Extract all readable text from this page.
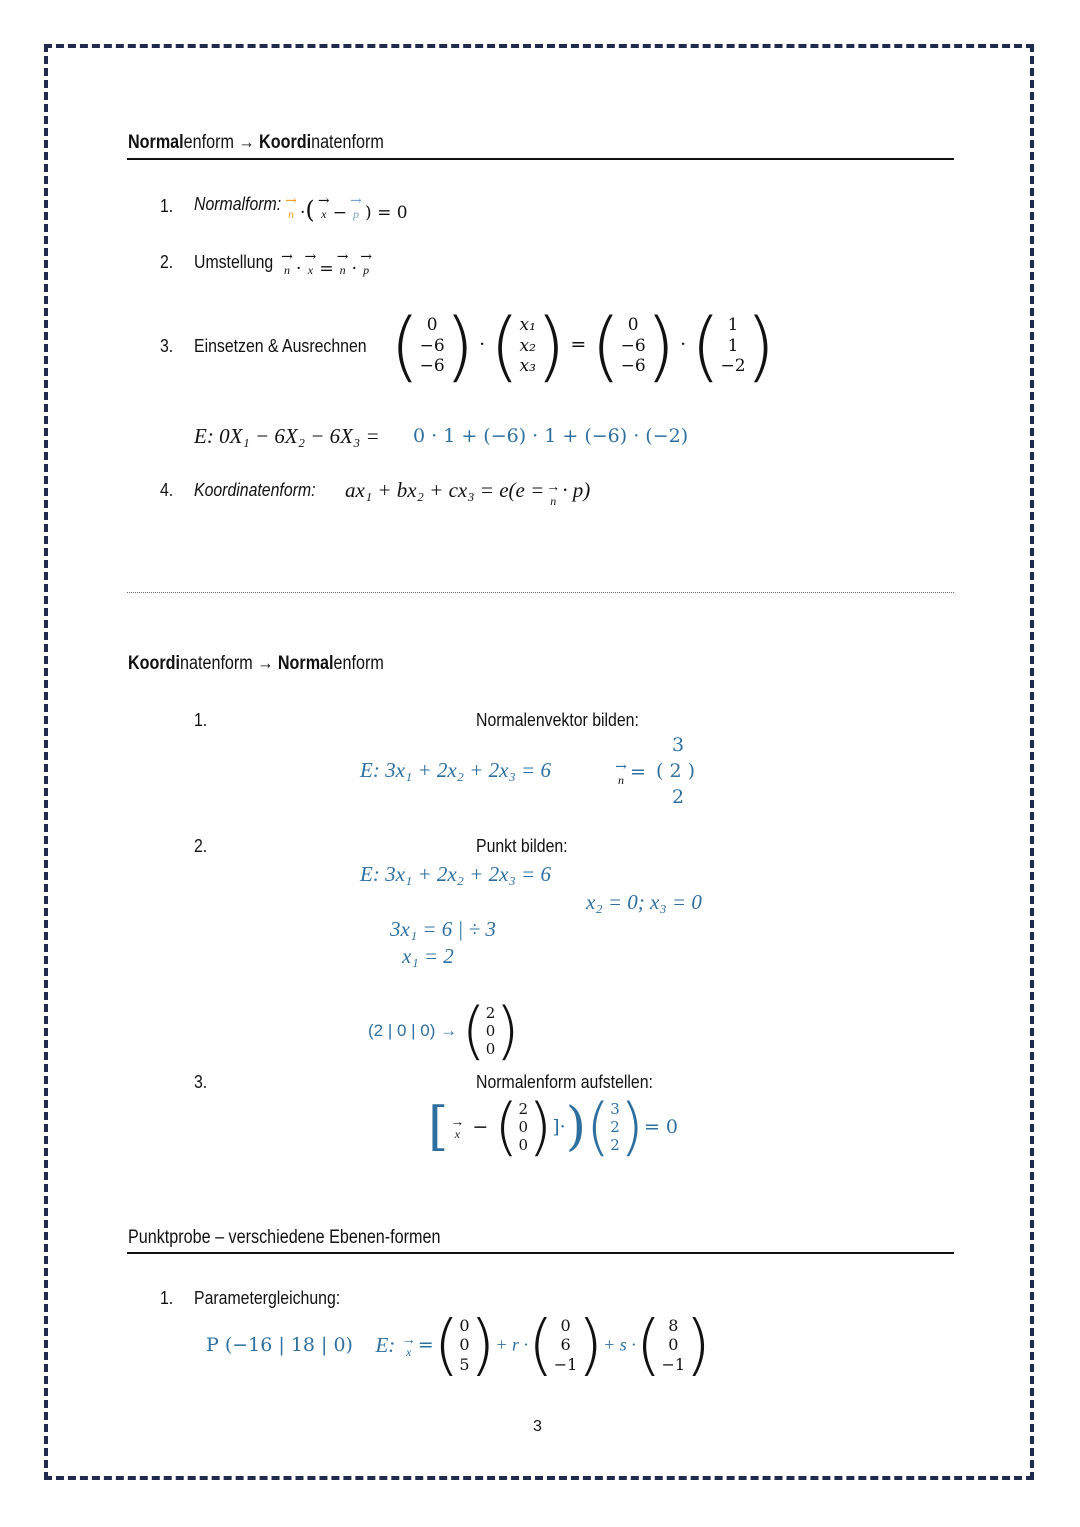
Normalenform → Koordinatenform
1. Normalform: →
n ·( →
x −
→
p ) = 0
2. Umstellung →
n ·
→
x =
→
n ·
→
p
3. Einsetzen & Ausrechnen ( 0
−6
−6 ) · ( x₁
x₂
x₃ ) = ( 0
−6
−6 ) · ( 1
1
−2 )
E: 0X₁ − 6X₂ − 6X₃ = 0 · 1 + (−6) · 1 + (−6) · (−2)
4. Koordinatenform: ax₁ + bx₂ + cx₃ = e(e = →
n · p)
Koordinatenform → Normalenform
1.	Normalenvektor bilden:
E: 3x₁ + 2x₂ + 2x₃ = 6	→
n =
3
( 2 )
2
2.	Punkt bilden:
E: 3x₁ + 2x₂ + 2x₃ = 6
x₂ = 0; x₃ = 0
3x₁ = 6 | ÷ 3
x₁ = 2
(2 | 0 | 0) → ( 2
0
0 )
3.	Normalenform aufstellen:
[ →
x − ( 2
0
0 ) ]·) ( 3
2
2 ) = 0
Punktprobe – verschiedene Ebenen-formen
1. Parametergleichung:
P (−16 | 18 | 0) E: →
x = ( 0
0
5 ) + r · ( 0
6
−1 ) + s · ( 8
0
−1 )
3
